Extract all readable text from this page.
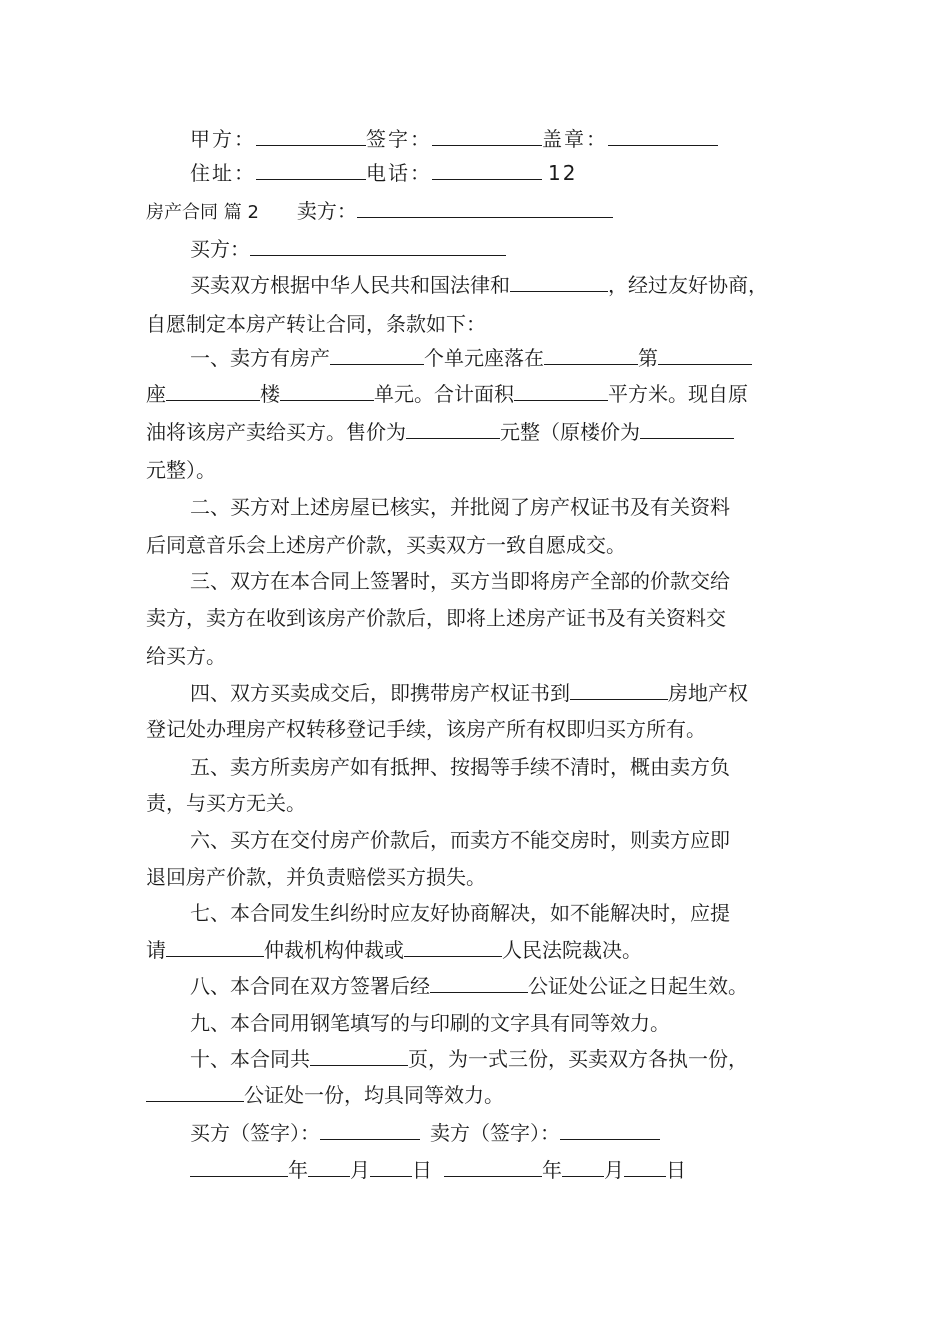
甲方：	签字：	盖章：
住址：	电话：	12
房产合同 篇 2 卖方：
买方：
买卖双方根据中华人民共和国法律和	，经过友好协商，
自愿制定本房产转让合同，条款如下：
一、卖方有房产	个单元座落在	第
座	楼	单元。合计面积	平方米。现自原
油将该房产卖给买方。售价为	元整（原楼价为
元整）。
二、买方对上述房屋已核实，并批阅了房产权证书及有关资料
后同意音乐会上述房产价款，买卖双方一致自愿成交。
三、双方在本合同上签署时，买方当即将房产全部的价款交给
卖方，卖方在收到该房产价款后，即将上述房产证书及有关资料交
给买方。
四、双方买卖成交后，即携带房产权证书到	房地产权
登记处办理房产权转移登记手续，该房产所有权即归买方所有。
五、卖方所卖房产如有抵押、按揭等手续不清时，概由卖方负
责，与买方无关。
六、买方在交付房产价款后，而卖方不能交房时，则卖方应即
退回房产价款，并负责赔偿买方损失。
七、本合同发生纠纷时应友好协商解决，如不能解决时，应提
请	仲裁机构仲裁或	人民法院裁决。
八、本合同在双方签署后经	公证处公证之日起生效。
九、本合同用钢笔填写的与印刷的文字具有同等效力。
十、本合同共	页，为一式三份，买卖双方各执一份，
公证处一份，均具同等效力。
买方（签字）：	卖方（签字）：
年 月 日	年 月 日
